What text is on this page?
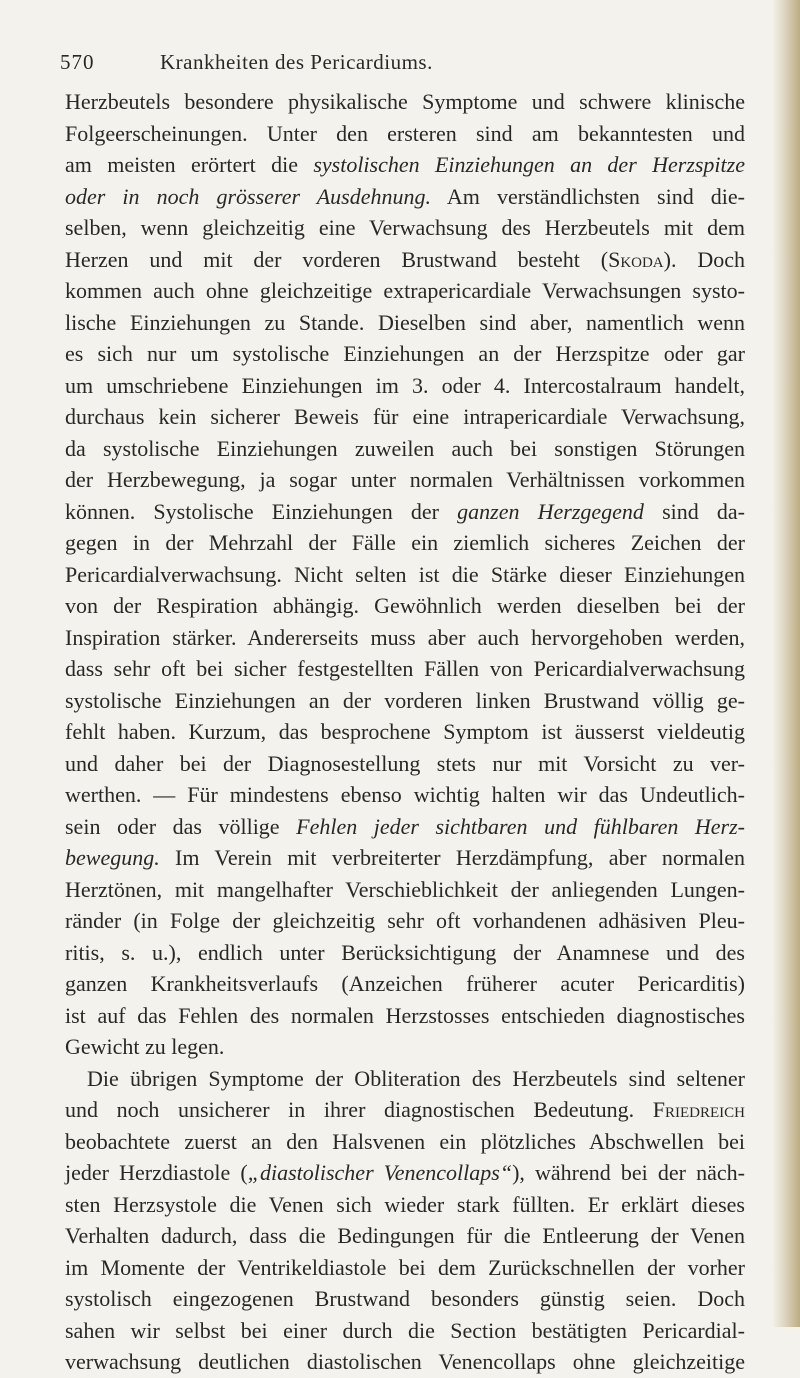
570	Krankheiten des Pericardiums.
Herzbeutels besondere physikalische Symptome und schwere klinische
Folgeerscheinungen. Unter den ersteren sind am bekanntesten und
am meisten erörtert die systolischen Einziehungen an der Herzspitze
oder in noch grösserer Ausdehnung. Am verständlichsten sind die-
selben, wenn gleichzeitig eine Verwachsung des Herzbeutels mit dem
Herzen und mit der vorderen Brustwand besteht (Skoda). Doch
kommen auch ohne gleichzeitige extrapericardiale Verwachsungen systo-
lische Einziehungen zu Stande. Dieselben sind aber, namentlich wenn
es sich nur um systolische Einziehungen an der Herzspitze oder gar
um umschriebene Einziehungen im 3. oder 4. Intercostalraum handelt,
durchaus kein sicherer Beweis für eine intrapericardiale Verwachsung,
da systolische Einziehungen zuweilen auch bei sonstigen Störungen
der Herzbewegung, ja sogar unter normalen Verhältnissen vorkommen
können. Systolische Einziehungen der ganzen Herzgegend sind da-
gegen in der Mehrzahl der Fälle ein ziemlich sicheres Zeichen der
Pericardialverwachsung. Nicht selten ist die Stärke dieser Einziehungen
von der Respiration abhängig. Gewöhnlich werden dieselben bei der
Inspiration stärker. Andererseits muss aber auch hervorgehoben werden,
dass sehr oft bei sicher festgestellten Fällen von Pericardialverwachsung
systolische Einziehungen an der vorderen linken Brustwand völlig ge-
fehlt haben. Kurzum, das besprochene Symptom ist äusserst vieldeutig
und daher bei der Diagnosestellung stets nur mit Vorsicht zu ver-
werthen. — Für mindestens ebenso wichtig halten wir das Undeutlich-
sein oder das völlige Fehlen jeder sichtbaren und fühlbaren Herz-
bewegung. Im Verein mit verbreiterter Herzdämpfung, aber normalen
Herztönen, mit mangelhafter Verschieblichkeit der anliegenden Lungen-
ränder (in Folge der gleichzeitig sehr oft vorhandenen adhäsiven Pleu-
ritis, s. u.), endlich unter Berücksichtigung der Anamnese und des
ganzen Krankheitsverlaufs (Anzeichen früherer acuter Pericarditis)
ist auf das Fehlen des normalen Herzstosses entschieden diagnostisches
Gewicht zu legen.
Die übrigen Symptome der Obliteration des Herzbeutels sind seltener
und noch unsicherer in ihrer diagnostischen Bedeutung. Friedreich
beobachtete zuerst an den Halsvenen ein plötzliches Abschwellen bei
jeder Herzdiastole („diastolischer Venencollaps“), während bei der näch-
sten Herzsystole die Venen sich wieder stark füllten. Er erklärt dieses
Verhalten dadurch, dass die Bedingungen für die Entleerung der Venen
im Momente der Ventrikeldiastole bei dem Zurückschnellen der vorher
systolisch eingezogenen Brustwand besonders günstig seien. Doch
sahen wir selbst bei einer durch die Section bestätigten Pericardial-
verwachsung deutlichen diastolischen Venencollaps ohne gleichzeitige
